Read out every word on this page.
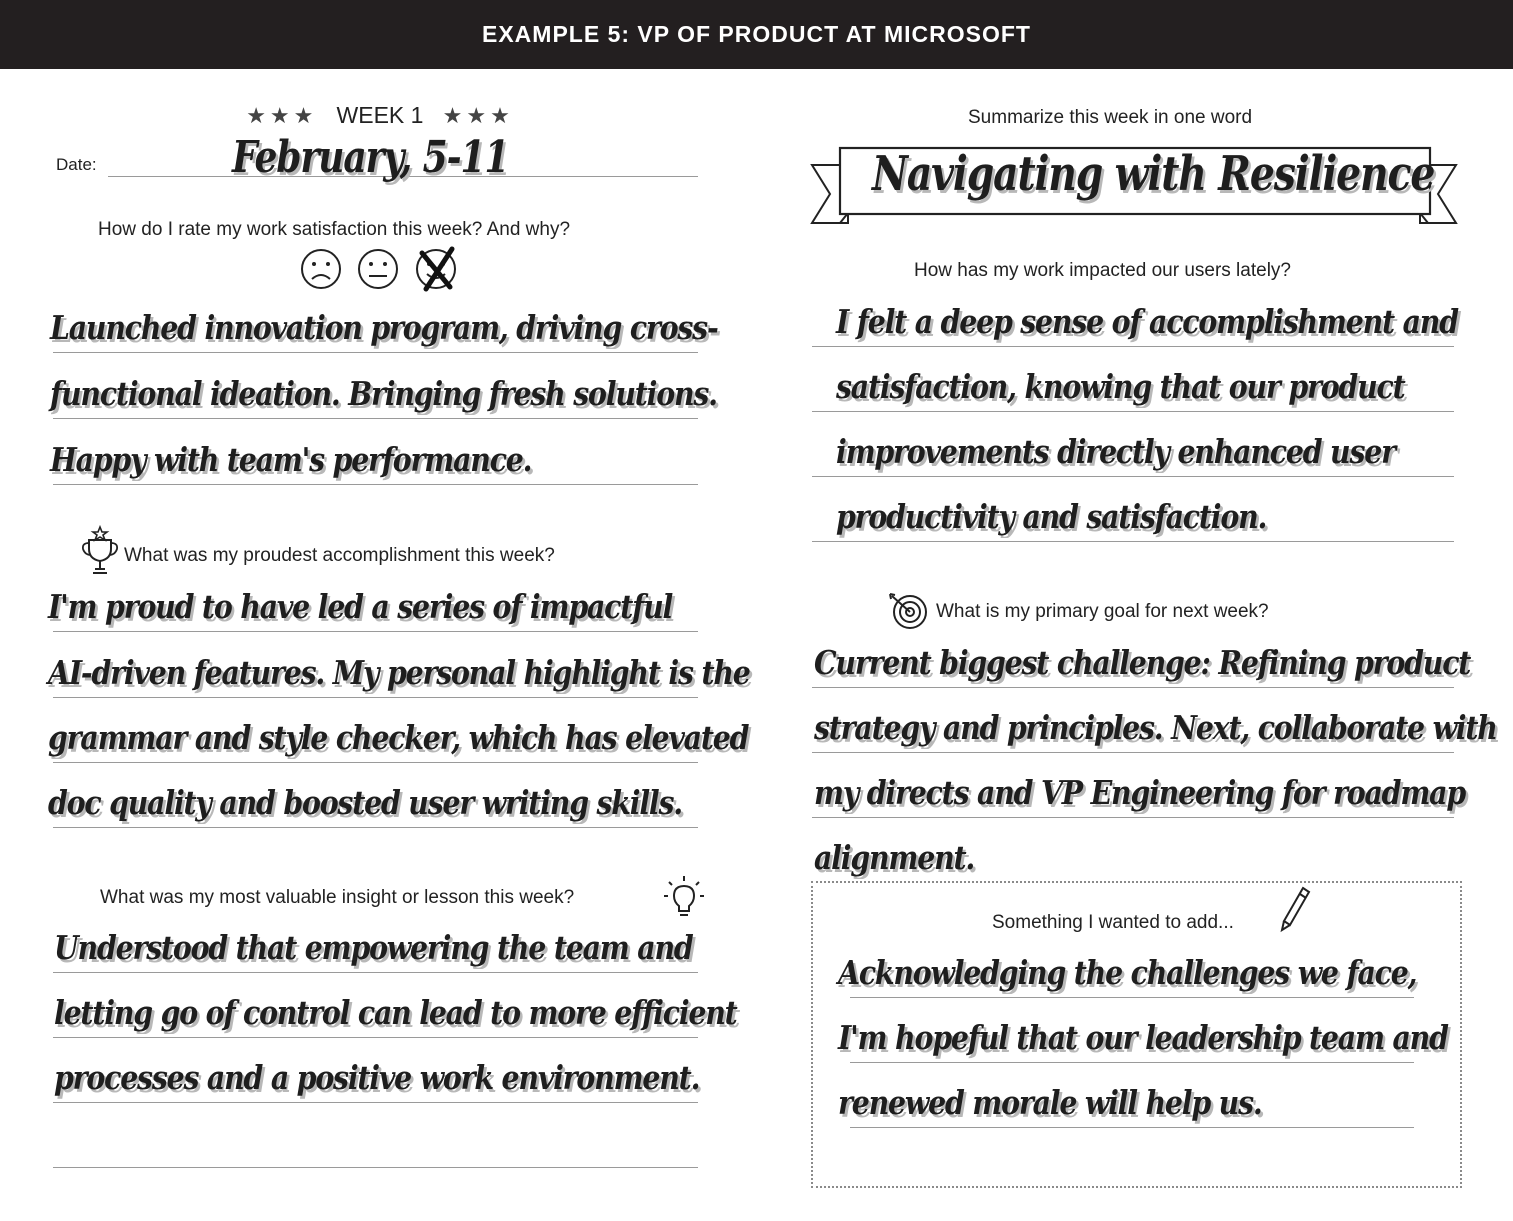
EXAMPLE 5: VP OF PRODUCT AT MICROSOFT
★★★ WEEK 1 ★★★
Date:	February, 5-11
How do I rate my work satisfaction this week? And why?
Launched innovation program, driving cross-
functional ideation. Bringing fresh solutions.
Happy with team's performance.
What was my proudest accomplishment this week?
I'm proud to have led a series of impactful
AI-driven features. My personal highlight is the
grammar and style checker, which has elevated
doc quality and boosted user writing skills.
What was my most valuable insight or lesson this week?
Understood that empowering the team and
letting go of control can lead to more efficient
processes and a positive work environment.
Summarize this week in one word
Navigating with Resilience
How has my work impacted our users lately?
I felt a deep sense of accomplishment and
satisfaction, knowing that our product
improvements directly enhanced user
productivity and satisfaction.
What is my primary goal for next week?
Current biggest challenge: Refining product
strategy and principles. Next, collaborate with
my directs and VP Engineering for roadmap
alignment.
Something I wanted to add...
Acknowledging the challenges we face,
I'm hopeful that our leadership team and
renewed morale will help us.
